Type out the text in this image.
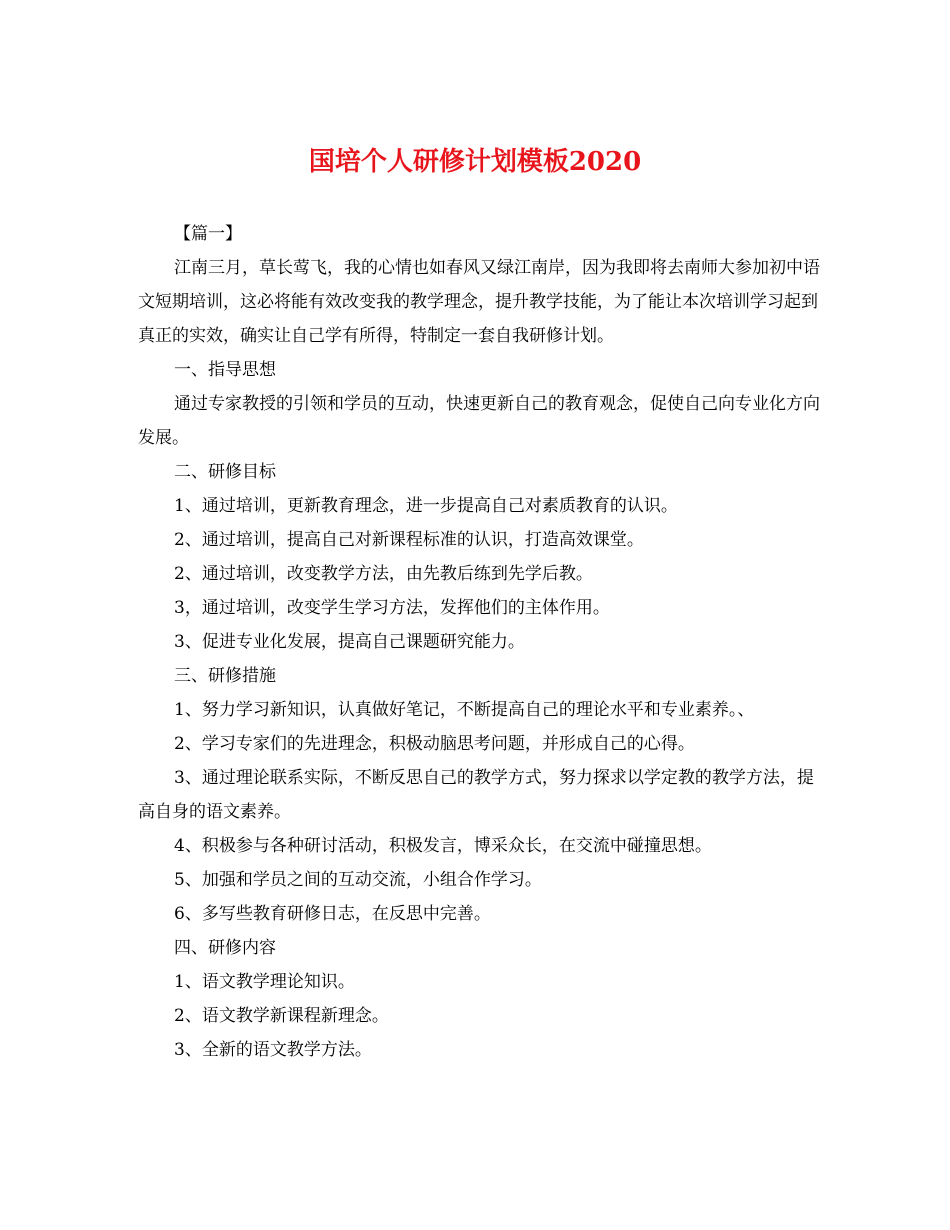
国培个人研修计划模板2020

【篇一】

江南三月，草长莺飞，我的心情也如春风又绿江南岸，因为我即将去南师大参加初中语文短期培训，这必将能有效改变我的教学理念，提升教学技能，为了能让本次培训学习起到真正的实效，确实让自己学有所得，特制定一套自我研修计划。

一、指导思想

通过专家教授的引领和学员的互动，快速更新自己的教育观念，促使自己向专业化方向发展。

二、研修目标

1、通过培训，更新教育理念，进一步提高自己对素质教育的认识。

2、通过培训，提高自己对新课程标准的认识，打造高效课堂。

2、通过培训，改变教学方法，由先教后练到先学后教。

3，通过培训，改变学生学习方法，发挥他们的主体作用。

3、促进专业化发展，提高自己课题研究能力。

三、研修措施

1、努力学习新知识，认真做好笔记，不断提高自己的理论水平和专业素养。、

2、学习专家们的先进理念，积极动脑思考问题，并形成自己的心得。

3、通过理论联系实际，不断反思自己的教学方式，努力探求以学定教的教学方法，提高自身的语文素养。

4、积极参与各种研讨活动，积极发言，博采众长，在交流中碰撞思想。

5、加强和学员之间的互动交流，小组合作学习。

6、多写些教育研修日志，在反思中完善。

四、研修内容

1、语文教学理论知识。

2、语文教学新课程新理念。

3、全新的语文教学方法。
